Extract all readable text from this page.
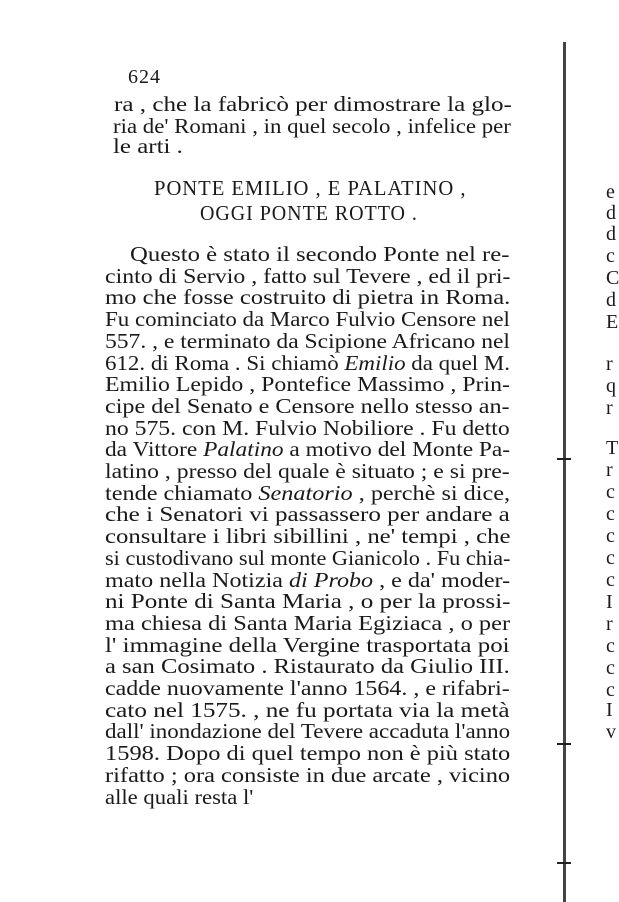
624
ra , che la fabricò per dimostrare la glo-
ria de' Romani , in quel secolo , infelice per
le arti .
PONTE EMILIO , E PALATINO ,
OGGI PONTE ROTTO .
Questo è stato il secondo Ponte nel re-
cinto di Servio , fatto sul Tevere , ed il pri-
mo che fosse costruito di pietra in Roma.
Fu cominciato da Marco Fulvio Censore nel
557. , e terminato da Scipione Africano nel
612. di Roma . Si chiamò Emilio da quel M.
Emilio Lepido , Pontefice Massimo , Prin-
cipe del Senato e Censore nello stesso an-
no 575. con M. Fulvio Nobiliore . Fu detto
da Vittore Palatino a motivo del Monte Pa-
latino , presso del quale è situato ; e si pre-
tende chiamato Senatorio , perchè si dice,
che i Senatori vi passassero per andare a
consultare i libri sibillini , ne' tempi , che
si custodivano sul monte Gianicolo . Fu chia-
mato nella Notizia di Probo , e da' moder-
ni Ponte di Santa Maria , o per la prossi-
ma chiesa di Santa Maria Egiziaca , o per
l' immagine della Vergine trasportata poi
a san Cosimato . Ristaurato da Giulio III.
cadde nuovamente l'anno 1564. , e rifabri-
cato nel 1575. , ne fu portata via la metà
dall' inondazione del Tevere accaduta l'anno
1598. Dopo di quel tempo non è più stato
rifatto ; ora consiste in due arcate , vicino
alle quali resta l'
e
d
d
c
C
d
E
r
q
r
T
r
c
c
c
c
c
I
r
c
c
c
I
v
